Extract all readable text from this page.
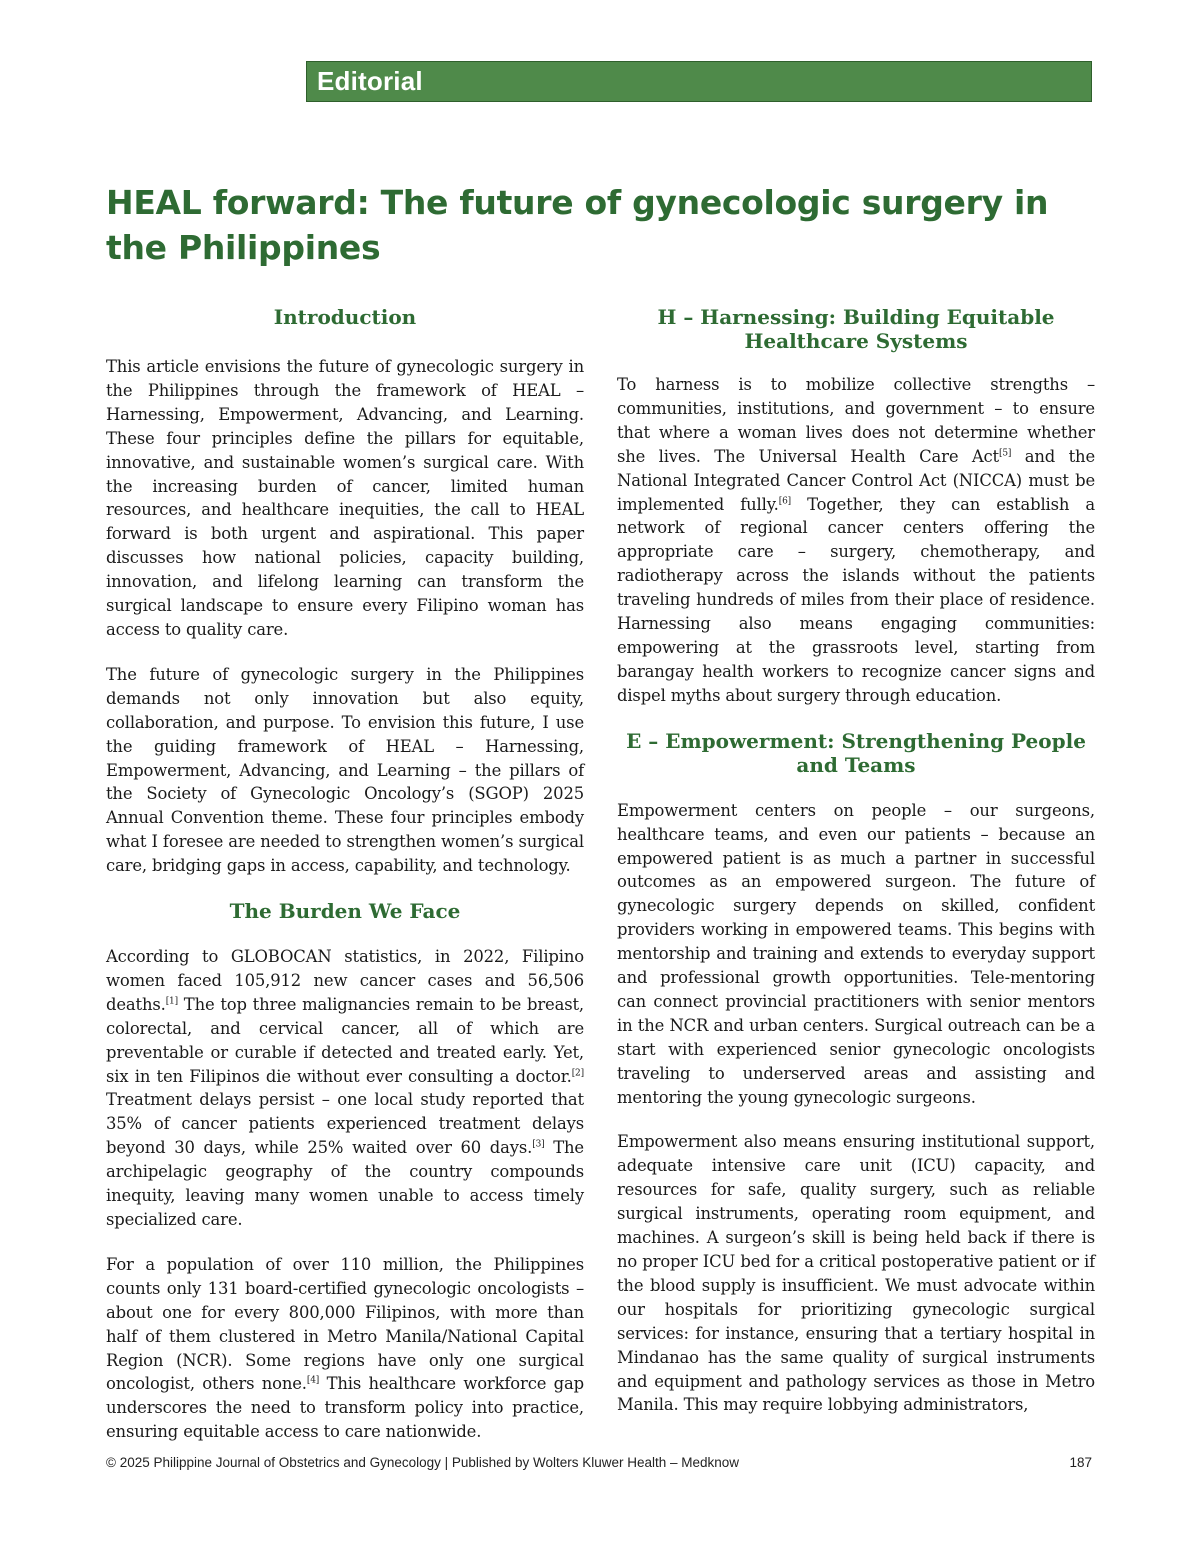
Editorial
HEAL forward: The future of gynecologic surgery in the Philippines
Introduction

This article envisions the future of gynecologic surgery in the Philippines through the framework of HEAL – Harnessing, Empowerment, Advancing, and Learning. These four principles define the pillars for equitable, innovative, and sustainable women’s surgical care. With the increasing burden of cancer, limited human resources, and healthcare inequities, the call to HEAL forward is both urgent and aspirational. This paper discusses how national policies, capacity building, innovation, and lifelong learning can transform the surgical landscape to ensure every Filipino woman has access to quality care.

The future of gynecologic surgery in the Philippines demands not only innovation but also equity, collaboration, and purpose. To envision this future, I use the guiding framework of HEAL – Harnessing, Empowerment, Advancing, and Learning – the pillars of the Society of Gynecologic Oncology’s (SGOP) 2025 Annual Convention theme. These four principles embody what I foresee are needed to strengthen women’s surgical care, bridging gaps in access, capability, and technology.

The Burden We Face

According to GLOBOCAN statistics, in 2022, Filipino women faced 105,912 new cancer cases and 56,506 deaths.[1] The top three malignancies remain to be breast, colorectal, and cervical cancer, all of which are preventable or curable if detected and treated early. Yet, six in ten Filipinos die without ever consulting a doctor.[2] Treatment delays persist – one local study reported that 35% of cancer patients experienced treatment delays beyond 30 days, while 25% waited over 60 days.[3] The archipelagic geography of the country compounds inequity, leaving many women unable to access timely specialized care.

For a population of over 110 million, the Philippines counts only 131 board-certified gynecologic oncologists – about one for every 800,000 Filipinos, with more than half of them clustered in Metro Manila/National Capital Region (NCR). Some regions have only one surgical oncologist, others none.[4] This healthcare workforce gap underscores the need to transform policy into practice, ensuring equitable access to care nationwide.

H – Harnessing: Building Equitable Healthcare Systems

To harness is to mobilize collective strengths – communities, institutions, and government – to ensure that where a woman lives does not determine whether she lives. The Universal Health Care Act[5] and the National Integrated Cancer Control Act (NICCA) must be implemented fully.[6] Together, they can establish a network of regional cancer centers offering the appropriate care – surgery, chemotherapy, and radiotherapy across the islands without the patients traveling hundreds of miles from their place of residence. Harnessing also means engaging communities: empowering at the grassroots level, starting from barangay health workers to recognize cancer signs and dispel myths about surgery through education.

E – Empowerment: Strengthening People and Teams

Empowerment centers on people – our surgeons, healthcare teams, and even our patients – because an empowered patient is as much a partner in successful outcomes as an empowered surgeon. The future of gynecologic surgery depends on skilled, confident providers working in empowered teams. This begins with mentorship and training and extends to everyday support and professional growth opportunities. Tele-mentoring can connect provincial practitioners with senior mentors in the NCR and urban centers. Surgical outreach can be a start with experienced senior gynecologic oncologists traveling to underserved areas and assisting and mentoring the young gynecologic surgeons.

Empowerment also means ensuring institutional support, adequate intensive care unit (ICU) capacity, and resources for safe, quality surgery, such as reliable surgical instruments, operating room equipment, and machines. A surgeon’s skill is being held back if there is no proper ICU bed for a critical postoperative patient or if the blood supply is insufficient. We must advocate within our hospitals for prioritizing gynecologic surgical services: for instance, ensuring that a tertiary hospital in Mindanao has the same quality of surgical instruments and equipment and pathology services as those in Metro Manila. This may require lobbying administrators,

© 2025 Philippine Journal of Obstetrics and Gynecology | Published by Wolters Kluwer Health – Medknow	187
